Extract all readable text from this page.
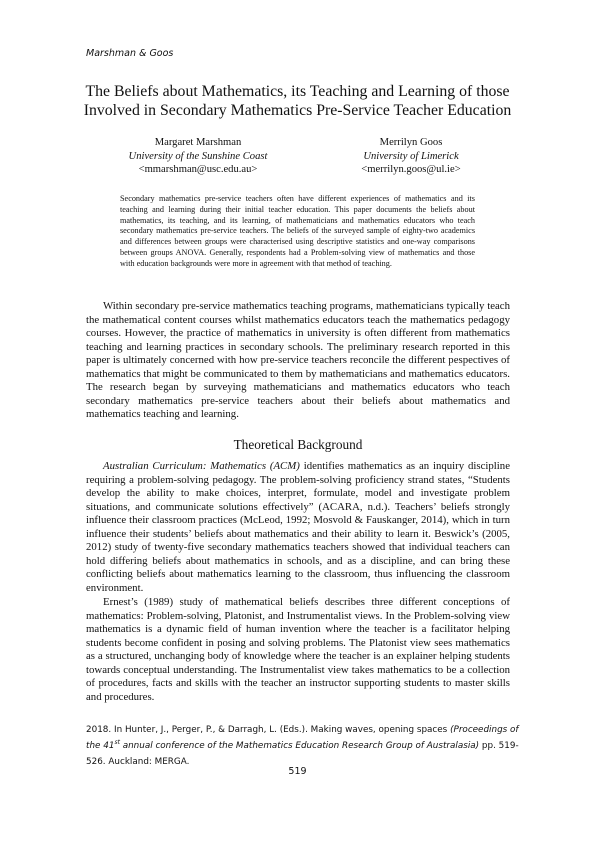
Marshman & Goos
The Beliefs about Mathematics, its Teaching and Learning of those Involved in Secondary Mathematics Pre-Service Teacher Education
Margaret Marshman
University of the Sunshine Coast
<mmarshman@usc.edu.au>
Merrilyn Goos
University of Limerick
<merrilyn.goos@ul.ie>

Secondary mathematics pre-service teachers often have different experiences of mathematics and its teaching and learning during their initial teacher education. This paper documents the beliefs about mathematics, its teaching, and its learning, of mathematicians and mathematics educators who teach secondary mathematics pre-service teachers. The beliefs of the surveyed sample of eighty-two academics and differences between groups were characterised using descriptive statistics and one-way comparisons between groups ANOVA. Generally, respondents had a Problem-solving view of mathematics and those with education backgrounds were more in agreement with that method of teaching.

Within secondary pre-service mathematics teaching programs, mathematicians typically teach the mathematical content courses whilst mathematics educators teach the mathematics pedagogy courses. However, the practice of mathematics in university is often different from mathematics teaching and learning practices in secondary schools. The preliminary research reported in this paper is ultimately concerned with how pre-service teachers reconcile the different pespectives of mathematics that might be communicated to them by mathematicians and mathematics educators. The research began by surveying mathematicians and mathematics educators who teach secondary mathematics pre-service teachers about their beliefs about mathematics and mathematics teaching and learning.

Theoretical Background

Australian Curriculum: Mathematics (ACM) identifies mathematics as an inquiry discipline requiring a problem-solving pedagogy. The problem-solving proficiency strand states, “Students develop the ability to make choices, interpret, formulate, model and investigate problem situations, and communicate solutions effectively” (ACARA, n.d.). Teachers’ beliefs strongly influence their classroom practices (McLeod, 1992; Mosvold & Fauskanger, 2014), which in turn influence their students’ beliefs about mathematics and their ability to learn it. Beswick’s (2005, 2012) study of twenty-five secondary mathematics teachers showed that individual teachers can hold differing beliefs about mathematics in schools, and as a discipline, and can bring these conflicting beliefs about mathematics learning to the classroom, thus influencing the classroom environment.

Ernest’s (1989) study of mathematical beliefs describes three different conceptions of mathematics: Problem-solving, Platonist, and Instrumentalist views. In the Problem-solving view mathematics is a dynamic field of human invention where the teacher is a facilitator helping students become confident in posing and solving problems. The Platonist view sees mathematics as a structured, unchanging body of knowledge where the teacher is an explainer helping students towards conceptual understanding. The Instrumentalist view takes mathematics to be a collection of procedures, facts and skills with the teacher an instructor supporting students to master skills and procedures.

2018. In Hunter, J., Perger, P., & Darragh, L. (Eds.). Making waves, opening spaces (Proceedings of the 41st annual conference of the Mathematics Education Research Group of Australasia) pp. 519-526. Auckland: MERGA.

519
